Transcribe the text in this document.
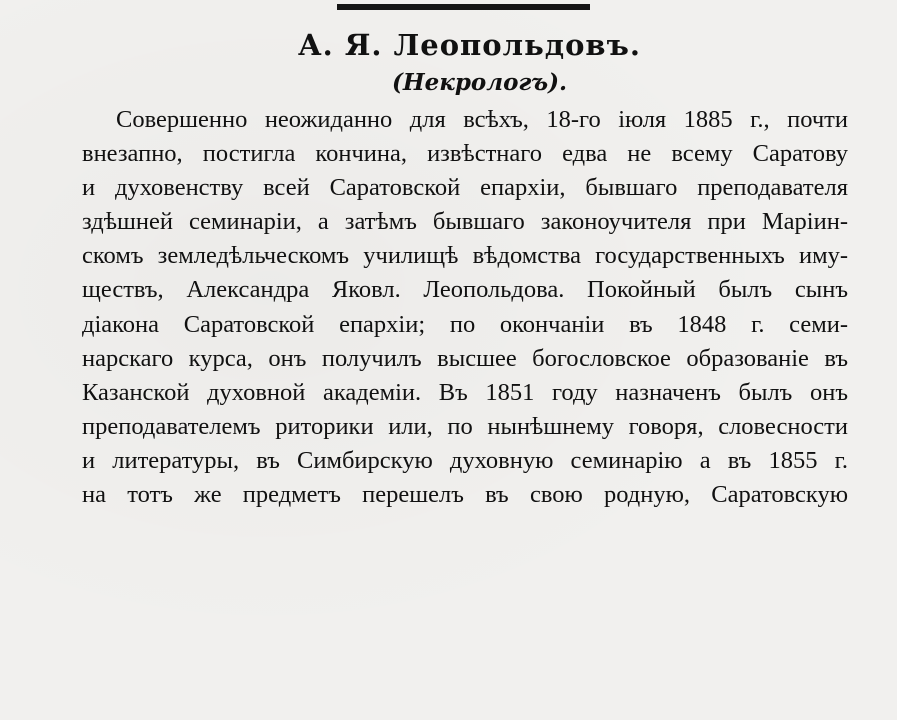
А. Я. Леопольдовъ.
(Некрологъ).
Совершенно неожиданно для всѣхъ, 18-го іюля 1885 г., почти
внезапно, постигла кончина, извѣстнаго едва не всему Саратову
и духовенству всей Саратовской епархіи, бывшаго преподавателя
здѣшней семинаріи, а затѣмъ бывшаго законоучителя при Маріин-
скомъ земледѣльческомъ училищѣ вѣдомства государственныхъ иму-
ществъ, Александра Яковл. Леопольдова. Покойный былъ сынъ
діакона Саратовской епархіи; по окончаніи въ 1848 г. семи-
нарскаго курса, онъ получилъ высшее богословское образованіе въ
Казанской духовной академіи. Въ 1851 году назначенъ былъ онъ
преподавателемъ риторики или, по нынѣшнему говоря, словесности
и литературы, въ Симбирскую духовную семинарію а въ 1855 г.
на тотъ же предметъ перешелъ въ свою родную, Саратовскую
